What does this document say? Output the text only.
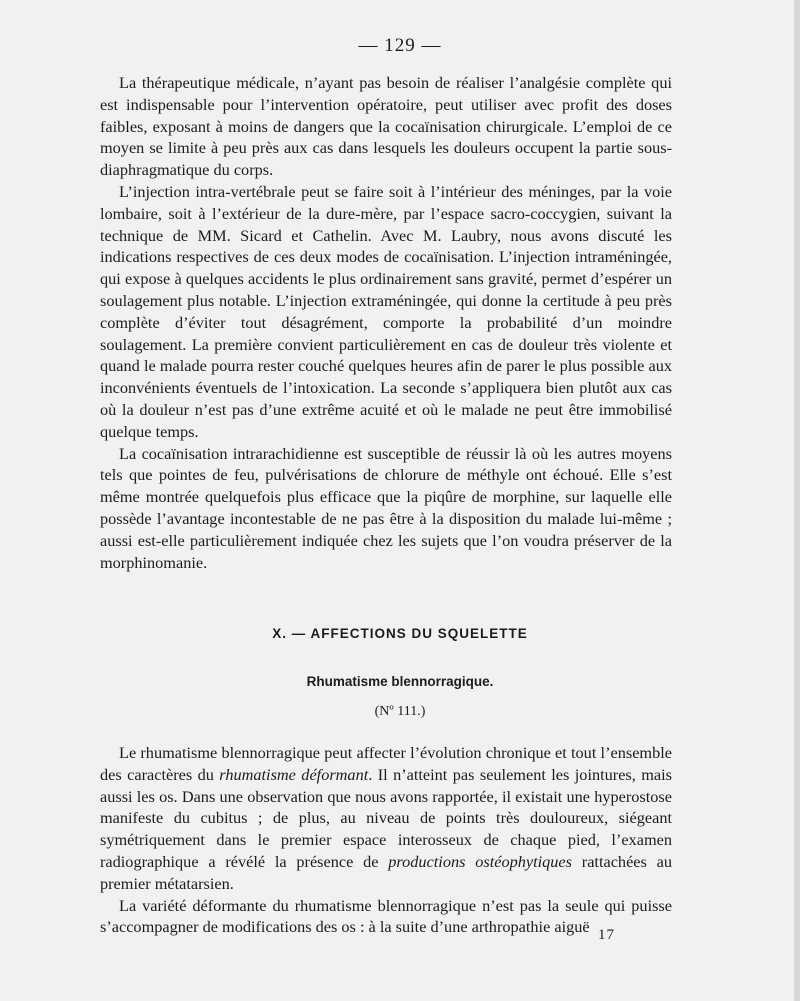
— 129 —

La thérapeutique médicale, n’ayant pas besoin de réaliser l’analgésie complète qui est indispensable pour l’intervention opératoire, peut utiliser avec profit des doses faibles, exposant à moins de dangers que la cocaïnisation chirurgicale. L’emploi de ce moyen se limite à peu près aux cas dans lesquels les douleurs occupent la partie sous-diaphragmatique du corps.

L’injection intra-vertébrale peut se faire soit à l’intérieur des méninges, par la voie lombaire, soit à l’extérieur de la dure-mère, par l’espace sacro-coccygien, suivant la technique de MM. Sicard et Cathelin. Avec M. Laubry, nous avons discuté les indications respectives de ces deux modes de cocaïnisation. L’injection intraméningée, qui expose à quelques accidents le plus ordinairement sans gravité, permet d’espérer un soulagement plus notable. L’injection extraméningée, qui donne la certitude à peu près complète d’éviter tout désagrément, comporte la probabilité d’un moindre soulagement. La première convient particulièrement en cas de douleur très violente et quand le malade pourra rester couché quelques heures afin de parer le plus possible aux inconvénients éventuels de l’intoxication. La seconde s’appliquera bien plutôt aux cas où la douleur n’est pas d’une extrême acuité et où le malade ne peut être immobilisé quelque temps.

La cocaïnisation intrarachidienne est susceptible de réussir là où les autres moyens tels que pointes de feu, pulvérisations de chlorure de méthyle ont échoué. Elle s’est même montrée quelquefois plus efficace que la piqûre de morphine, sur laquelle elle possède l’avantage incontestable de ne pas être à la disposition du malade lui-même ; aussi est-elle particulièrement indiquée chez les sujets que l’on voudra préserver de la morphinomanie.

X. — AFFECTIONS DU SQUELETTE
Rhumatisme blennorragique.
(Nº 111.)

Le rhumatisme blennorragique peut affecter l’évolution chronique et tout l’ensemble des caractères du rhumatisme déformant. Il n’atteint pas seulement les jointures, mais aussi les os. Dans une observation que nous avons rapportée, il existait une hyperostose manifeste du cubitus ; de plus, au niveau de points très douloureux, siégeant symétriquement dans le premier espace interosseux de chaque pied, l’examen radiographique a révélé la présence de productions ostéophytiques rattachées au premier métatarsien.

La variété déformante du rhumatisme blennorragique n’est pas la seule qui puisse s’accompagner de modifications des os : à la suite d’une arthropathie aiguë 17
